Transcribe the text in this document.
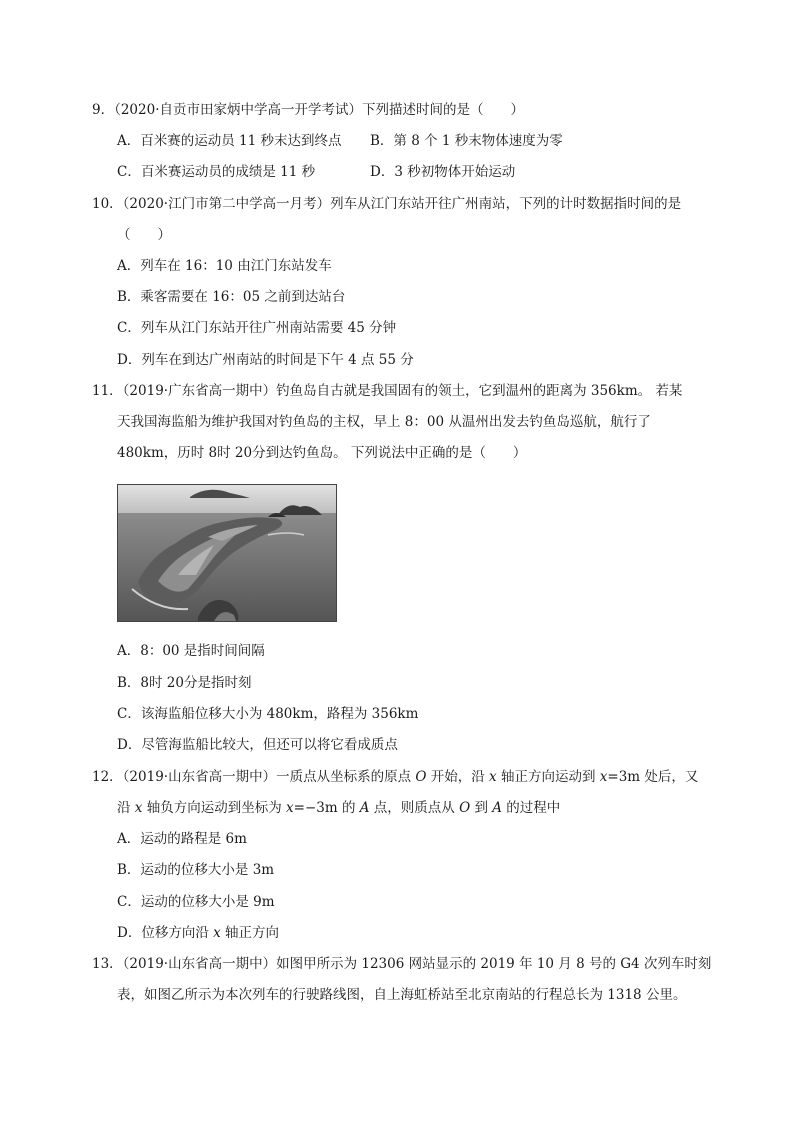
9．（2020·自贡市田家炳中学高一开学考试）下列描述时间的是（　　）
A．百米赛的运动员 11 秒末达到终点 B．第 8 个 1 秒末物体速度为零
C．百米赛运动员的成绩是 11 秒	D．3 秒初物体开始运动
10．（2020·江门市第二中学高一月考）列车从江门东站开往广州南站，下列的计时数据指时间的是
（　　）
A．列车在 16：10 由江门东站发车
B．乘客需要在 16：05 之前到达站台
C．列车从江门东站开往广州南站需要 45 分钟
D．列车在到达广州南站的时间是下午 4 点 55 分
11．（2019·广东省高一期中）钓鱼岛自古就是我国固有的领土，它到温州的距离为 356km。 若某
天我国海监船为维护我国对钓鱼岛的主权，早上 8：00 从温州出发去钓鱼岛巡航，航行了
480km，历时 8时 20分到达钓鱼岛。 下列说法中正确的是（　　）
A．8：00 是指时间间隔
B．8时 20分是指时刻
C．该海监船位移大小为 480km，路程为 356km
D．尽管海监船比较大，但还可以将它看成质点
12．（2019·山东省高一期中）一质点从坐标系的原点 O 开始，沿 x 轴正方向运动到 x=3m 处后，又
沿 x 轴负方向运动到坐标为 x=−3m 的 A 点，则质点从 O 到 A 的过程中
A．运动的路程是 6m
B．运动的位移大小是 3m
C．运动的位移大小是 9m
D．位移方向沿 x 轴正方向
13．（2019·山东省高一期中）如图甲所示为 12306 网站显示的 2019 年 10 月 8 号的 G4 次列车时刻
表，如图乙所示为本次列车的行驶路线图，自上海虹桥站至北京南站的行程总长为 1318 公里。
